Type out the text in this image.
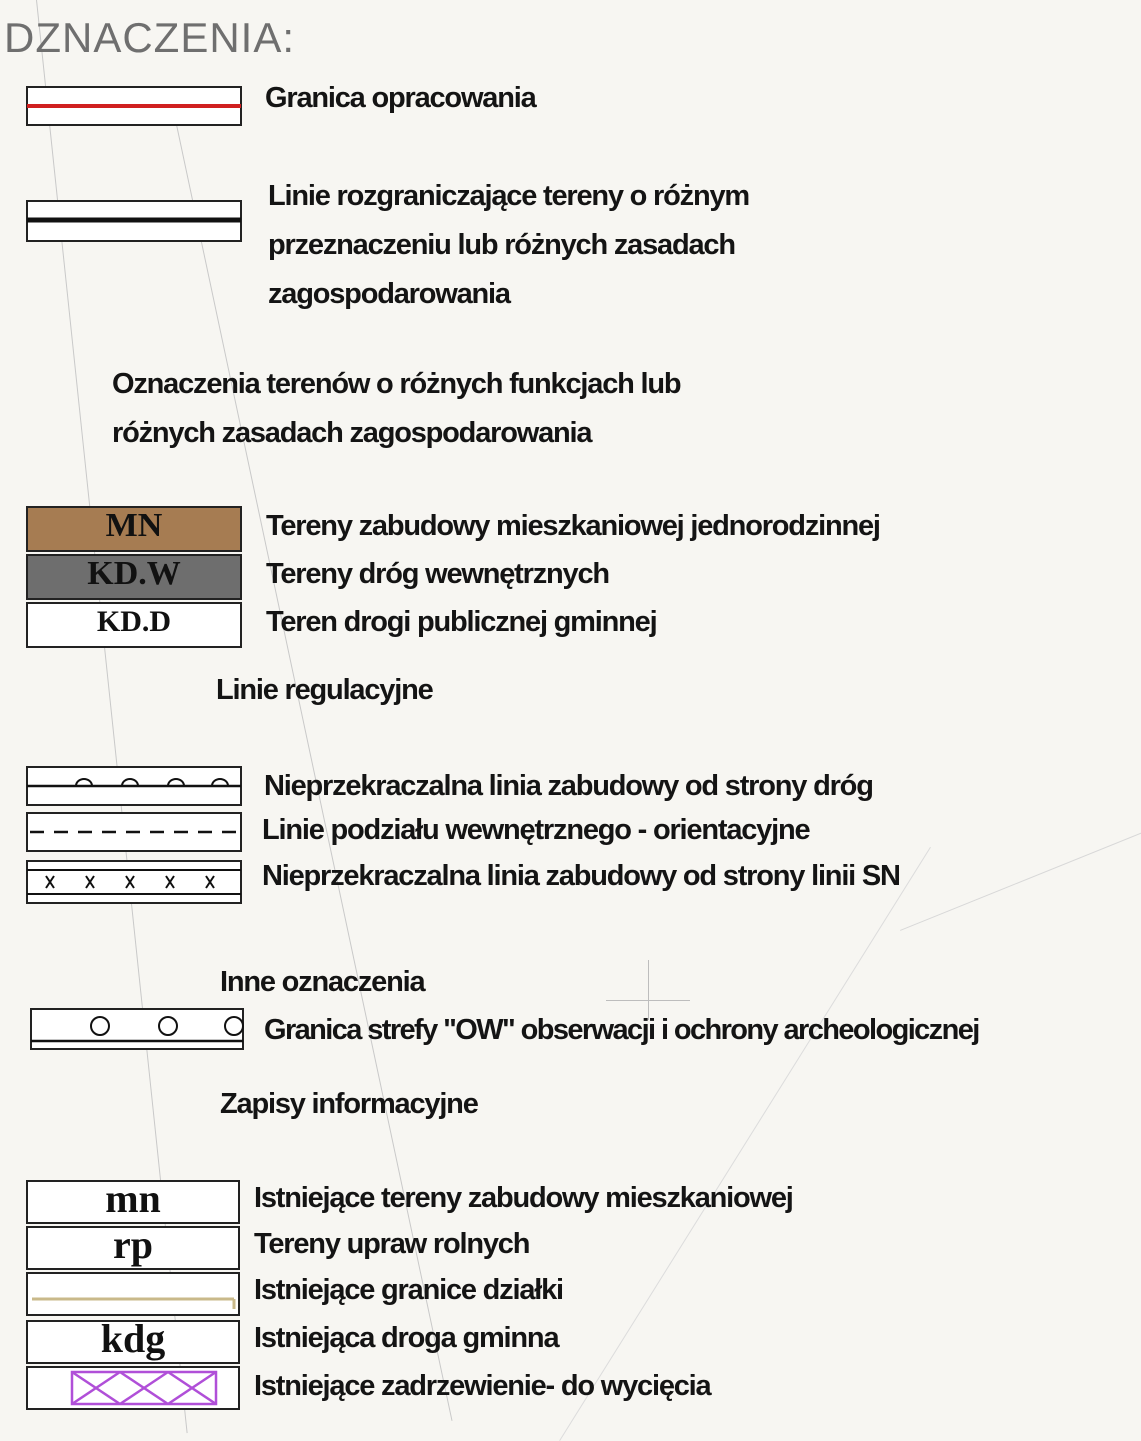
DZNACZENIA:
Granica opracowania
Linie rozgraniczające tereny o różnym
przeznaczeniu lub różnych zasadach
zagospodarowania
Oznaczenia terenów o różnych funkcjach lub
różnych zasadach zagospodarowania
MN	Tereny zabudowy mieszkaniowej jednorodzinnej
KD.W	Tereny dróg wewnętrznych
KD.D	Teren drogi publicznej gminnej
Linie regulacyjne
Nieprzekraczalna linia zabudowy od strony dróg
Linie podziału wewnętrznego - orientacyjne
Nieprzekraczalna linia zabudowy od strony linii SN
Inne oznaczenia
Granica strefy "OW" obserwacji i ochrony archeologicznej
Zapisy informacyjne
mn	Istniejące tereny zabudowy mieszkaniowej
rp	Tereny upraw rolnych
Istniejące granice działki
kdg	Istniejąca droga gminna
Istniejące zadrzewienie- do wycięcia
